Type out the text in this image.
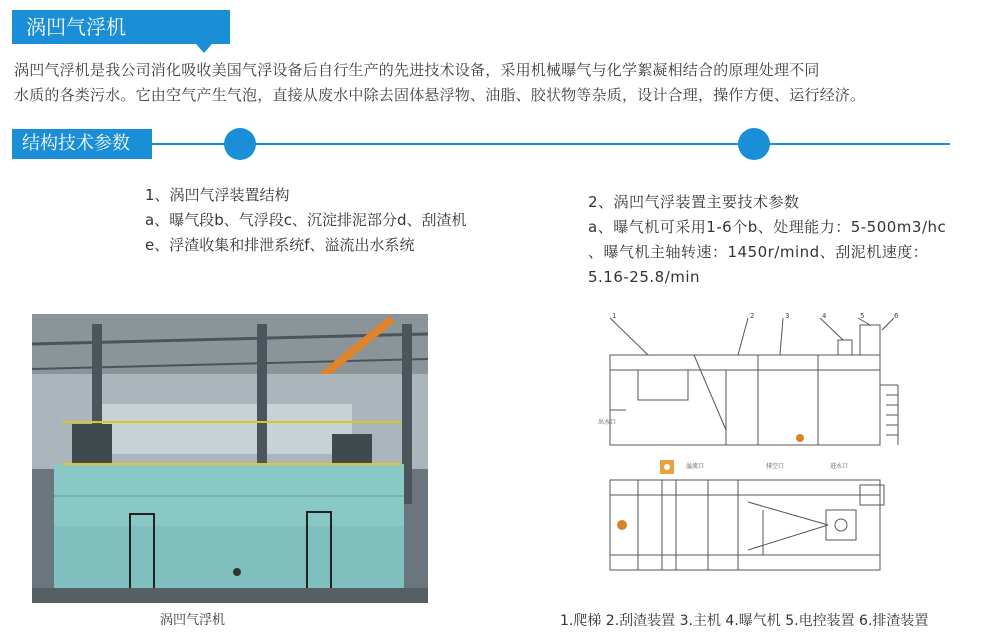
涡凹气浮机
涡凹气浮机是我公司消化吸收美国气浮设备后自行生产的先进技术设备，采用机械曝气与化学絮凝相结合的原理处理不同
水质的各类污水。它由空气产生气泡，直接从废水中除去固体悬浮物、油脂、胶状物等杂质，设计合理，操作方便、运行经济。
结构技术参数
1、涡凹气浮装置结构
a、曝气段b、气浮段c、沉淀排泥部分d、刮渣机
e、浮渣收集和排泄系统f、溢流出水系统
2、涡凹气浮装置主要技术参数
a、曝气机可采用1-6个b、处理能力：5-500m3/hc
、曝气机主轴转速：1450r/mind、刮泥机速度：
5.16-25.8/min
涡凹气浮机
出水口
溢流口	排空口	进水口
1	2	3	4	5	6
1.爬梯 2.刮渣装置 3.主机 4.曝气机 5.电控装置 6.排渣装置
